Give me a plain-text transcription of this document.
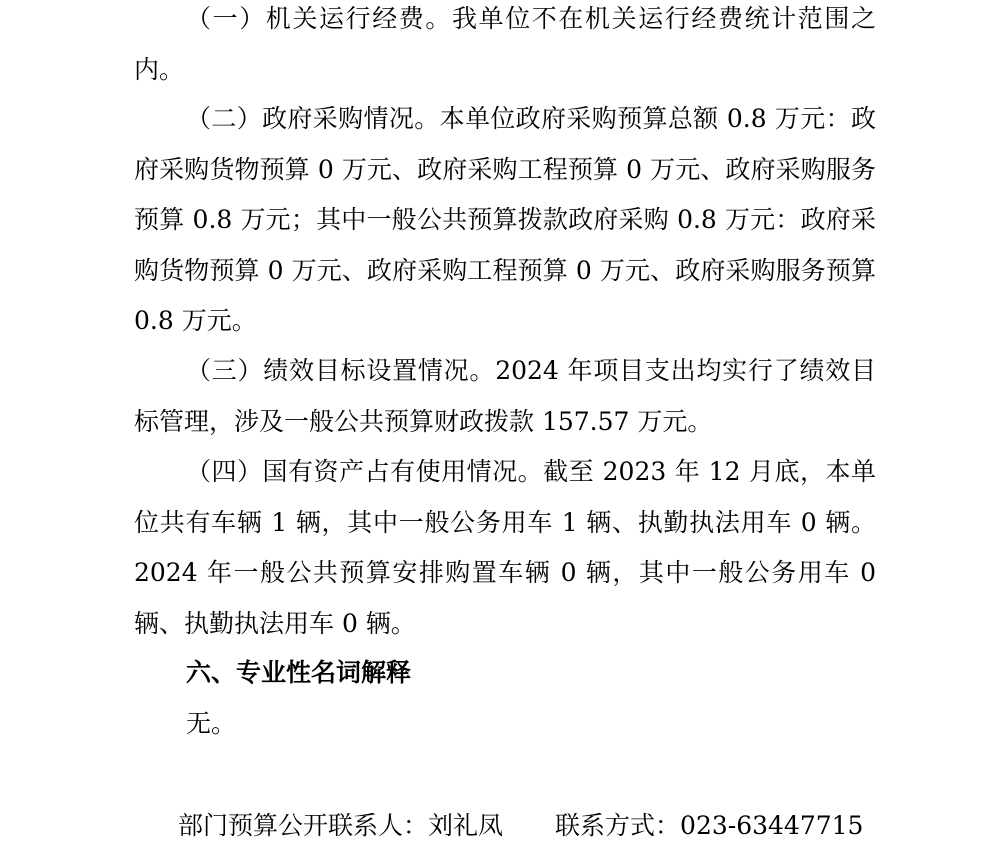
（一）机关运行经费。我单位不在机关运行经费统计范围之内。

（二）政府采购情况。本单位政府采购预算总额 0.8 万元：政府采购货物预算 0 万元、政府采购工程预算 0 万元、政府采购服务预算 0.8 万元；其中一般公共预算拨款政府采购 0.8 万元：政府采购货物预算 0 万元、政府采购工程预算 0 万元、政府采购服务预算 0.8 万元。

（三）绩效目标设置情况。2024 年项目支出均实行了绩效目标管理，涉及一般公共预算财政拨款 157.57 万元。

（四）国有资产占有使用情况。截至 2023 年 12 月底，本单位共有车辆 1 辆，其中一般公务用车 1 辆、执勤执法用车 0 辆。2024 年一般公共预算安排购置车辆 0 辆，其中一般公务用车 0 辆、执勤执法用车 0 辆。

六、专业性名词解释

无。

部门预算公开联系人：刘礼凤 联系方式：023-63447715
